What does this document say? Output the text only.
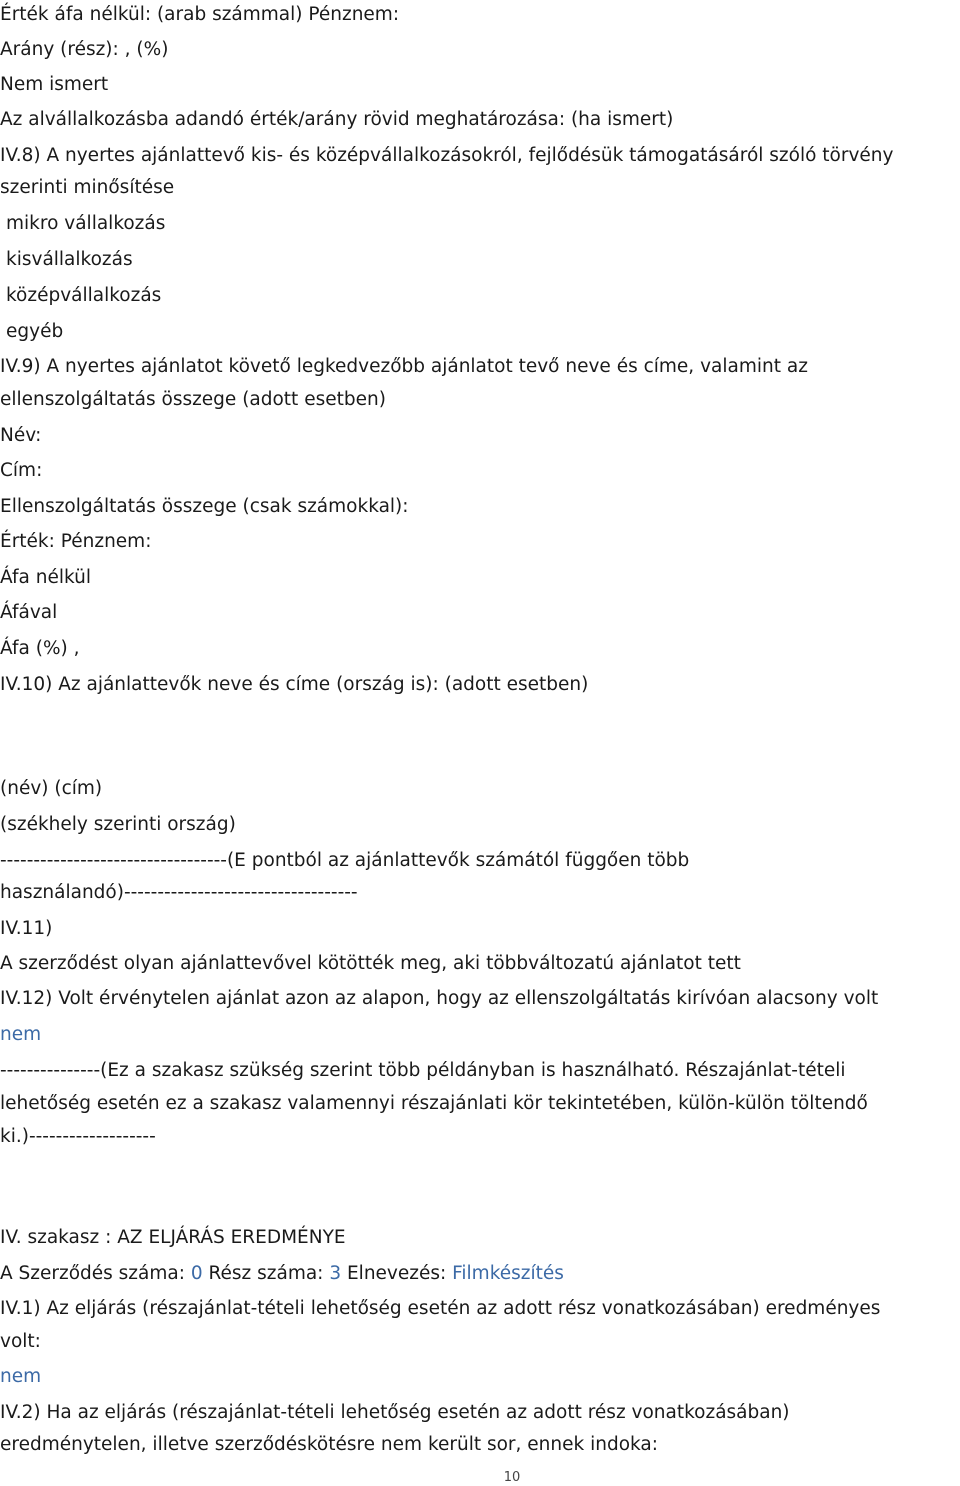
Érték áfa nélkül: (arab számmal) Pénznem:

Arány (rész): , (%)

Nem ismert

Az alvállalkozásba adandó érték/arány rövid meghatározása: (ha ismert)

IV.8) A nyertes ajánlattevő kis- és középvállalkozásokról, fejlődésük támogatásáról szóló törvény

szerinti minősítése

mikro vállalkozás

kisvállalkozás

középvállalkozás

egyéb

IV.9) A nyertes ajánlatot követő legkedvezőbb ajánlatot tevő neve és címe, valamint az

ellenszolgáltatás összege (adott esetben)

Név:

Cím:

Ellenszolgáltatás összege (csak számokkal):

Érték: Pénznem:

Áfa nélkül

Áfával

Áfa (%) ,

IV.10) Az ajánlattevők neve és címe (ország is): (adott esetben)

(név) (cím)

(székhely szerinti ország)

----------------------------------(E pontból az ajánlattevők számától függően több

használandó)-----------------------------------

IV.11)

A szerződést olyan ajánlattevővel kötötték meg, aki többváltozatú ajánlatot tett

IV.12) Volt érvénytelen ajánlat azon az alapon, hogy az ellenszolgáltatás kirívóan alacsony volt

nem

---------------(Ez a szakasz szükség szerint több példányban is használható. Részajánlat-tételi

lehetőség esetén ez a szakasz valamennyi részajánlati kör tekintetében, külön-külön töltendő

ki.)-------------------

IV. szakasz : AZ ELJÁRÁS EREDMÉNYE

A Szerződés száma: 0 Rész száma: 3 Elnevezés: Filmkészítés

IV.1) Az eljárás (részajánlat-tételi lehetőség esetén az adott rész vonatkozásában) eredményes

volt:

nem

IV.2) Ha az eljárás (részajánlat-tételi lehetőség esetén az adott rész vonatkozásában)

eredménytelen, illetve szerződéskötésre nem került sor, ennek indoka:

10
